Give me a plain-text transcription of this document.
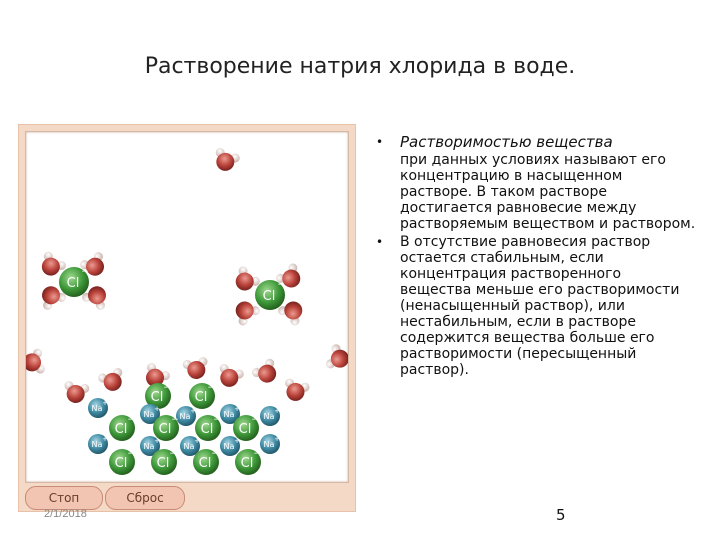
Растворение натрия хлорида в воде.
Cl
−
Cl
−
Cl
−
Cl
−
Na
+
Na
+
Na
+	Na
+
Na
+
Cl
−
Cl
−
Cl
−
Cl
−
Na
+
Na
+
Na
+
Na
+	Na
+
Cl
−
Cl
−
Cl
−
Cl
−
Стоп	Сброс
• Растворимостью вещества
при данных условиях называют его концентрацию в насыщенном растворе. В таком растворе достигается равновесие между растворяемым веществом и раствором.
• В отсутствие равновесия раствор остается стабильным, если концентрация растворенного вещества меньше его растворимости (ненасыщенный раствор), или нестабильным, если в растворе содержится вещества больше его растворимости (пересыщенный раствор).
2/1/2018	5
